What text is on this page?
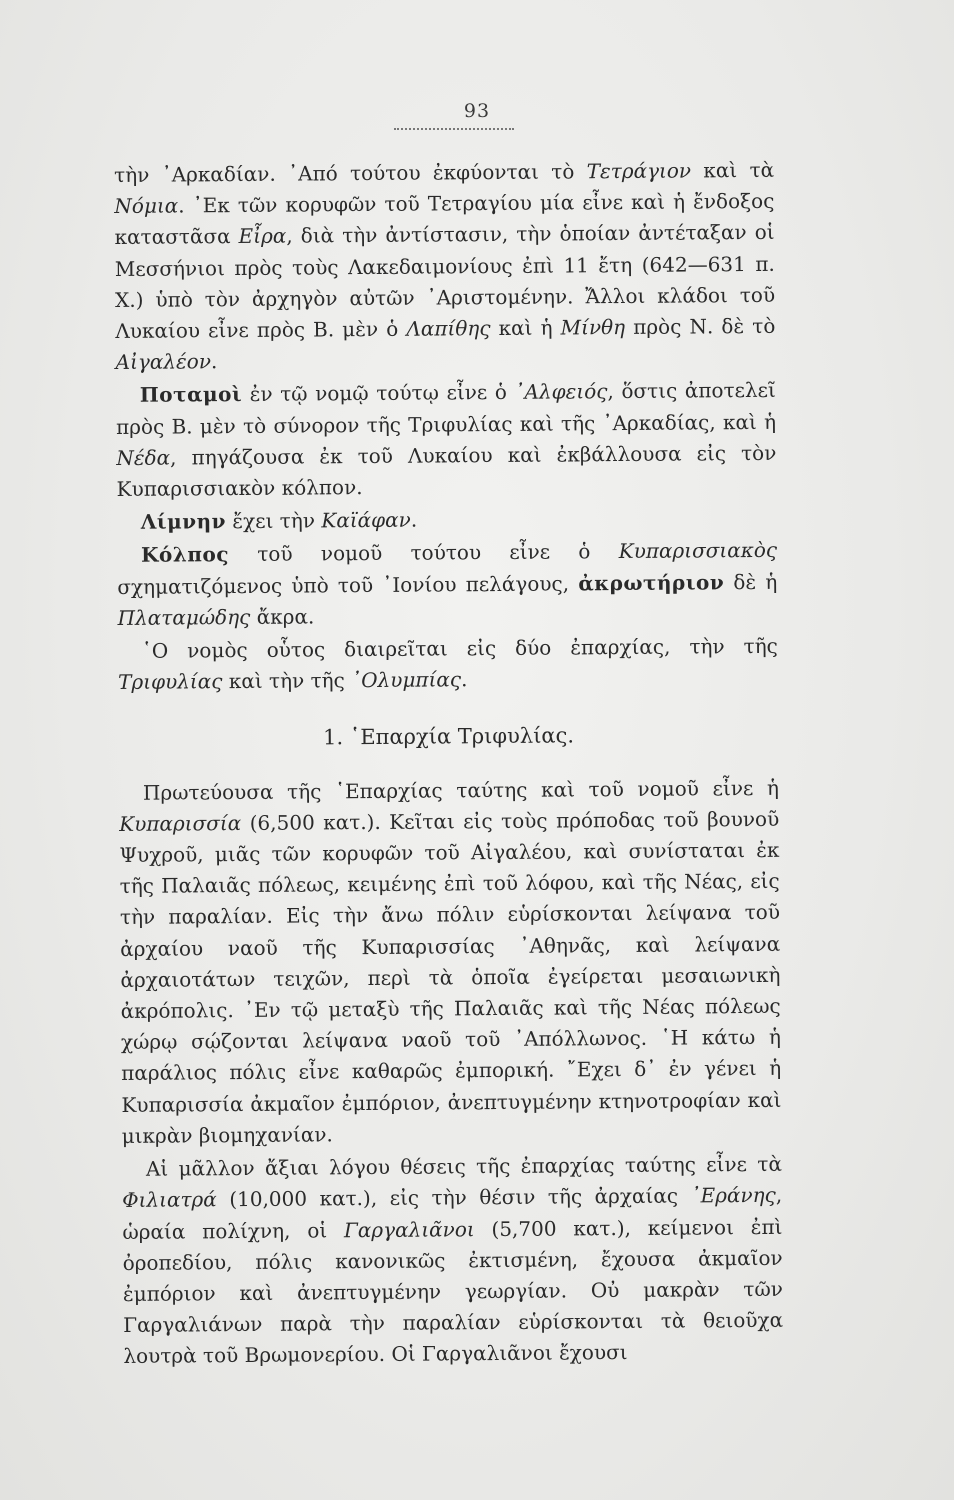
93

τὴν ᾿Αρκαδίαν. ᾿Από τούτου ἐκφύονται τὸ Τετράγιον καὶ τὰ Νόμια. ᾿Εκ τῶν κορυφῶν τοῦ Τετραγίου μία εἶνε καὶ ἡ ἔνδοξος καταστᾶσα Εἶρα, διὰ τὴν ἀντίστασιν, τὴν ὁποίαν ἀντέταξαν οἱ Μεσσήνιοι πρὸς τοὺς Λακεδαιμονίους ἐπὶ 11 ἔτη (642—631 π. Χ.) ὑπὸ τὸν ἀρχηγὸν αὐτῶν ᾿Αριστομένην. Ἄλλοι κλάδοι τοῦ Λυκαίου εἶνε πρὸς Β. μὲν ὁ Λαπίθης καὶ ἡ Μίνθη πρὸς Ν. δὲ τὸ Αἰγαλέον.

Ποταμοὶ ἐν τῷ νομῷ τούτῳ εἶνε ὁ ᾿Αλφειός, ὅστις ἀποτελεῖ πρὸς Β. μὲν τὸ σύνορον τῆς Τριφυλίας καὶ τῆς ᾿Αρκαδίας, καὶ ἡ Νέδα, πηγάζουσα ἐκ τοῦ Λυκαίου καὶ ἐκβάλλουσα εἰς τὸν Κυπαρισσιακὸν κόλπον.

Λίμνην ἔχει τὴν Καϊάφαν.

Κόλπος τοῦ νομοῦ τούτου εἶνε ὁ Κυπαρισσιακὸς σχηματιζόμενος ὑπὸ τοῦ ᾿Ιονίου πελάγους, ἀκρωτήριον δὲ ἡ Πλαταμώδης ἄκρα.

῾Ο νομὸς οὗτος διαιρεῖται εἰς δύο ἐπαρχίας, τὴν τῆς Τριφυλίας καὶ τὴν τῆς ᾿Ολυμπίας.

1. ῾Επαρχία Τριφυλίας.

Πρωτεύουσα τῆς ῾Επαρχίας ταύτης καὶ τοῦ νομοῦ εἶνε ἡ Κυπαρισσία (6,500 κατ.). Κεῖται εἰς τοὺς πρόποδας τοῦ βουνοῦ Ψυχροῦ, μιᾶς τῶν κορυφῶν τοῦ Αἰγαλέου, καὶ συνίσταται ἐκ τῆς Παλαιᾶς πόλεως, κειμένης ἐπὶ τοῦ λόφου, καὶ τῆς Νέας, εἰς τὴν παραλίαν. Εἰς τὴν ἄνω πόλιν εὑρίσκονται λείψανα τοῦ ἀρχαίου ναοῦ τῆς Κυπαρισσίας ᾿Αθηνᾶς, καὶ λείψανα ἀρχαιοτάτων τειχῶν, περὶ τὰ ὁποῖα ἐγείρεται μεσαιωνικὴ ἀκρόπολις. ᾿Εν τῷ μεταξὺ τῆς Παλαιᾶς καὶ τῆς Νέας πόλεως χώρῳ σῴζονται λείψανα ναοῦ τοῦ ᾿Απόλλωνος. ῾Η κάτω ἡ παράλιος πόλις εἶνε καθαρῶς ἐμπορική. ῎Εχει δ᾿ ἐν γένει ἡ Κυπαρισσία ἀκμαῖον ἐμπόριον, ἀνεπτυγμένην κτηνοτροφίαν καὶ μικρὰν βιομηχανίαν.

Αἱ μᾶλλον ἄξιαι λόγου θέσεις τῆς ἐπαρχίας ταύτης εἶνε τὰ Φιλιατρά (10,000 κατ.), εἰς τὴν θέσιν τῆς ἀρχαίας ᾿Εράνης, ὡραία πολίχνη, οἱ Γαργαλιᾶνοι (5,700 κατ.), κείμενοι ἐπὶ ὀροπεδίου, πόλις κανονικῶς ἐκτισμένη, ἔχουσα ἀκμαῖον ἐμπόριον καὶ ἀνεπτυγμένην γεωργίαν. Οὐ μακρὰν τῶν Γαργαλιάνων παρὰ τὴν παραλίαν εὑρίσκονται τὰ θειοῦχα λουτρὰ τοῦ Βρωμονερίου. Οἱ Γαργαλιᾶνοι ἔχουσι
